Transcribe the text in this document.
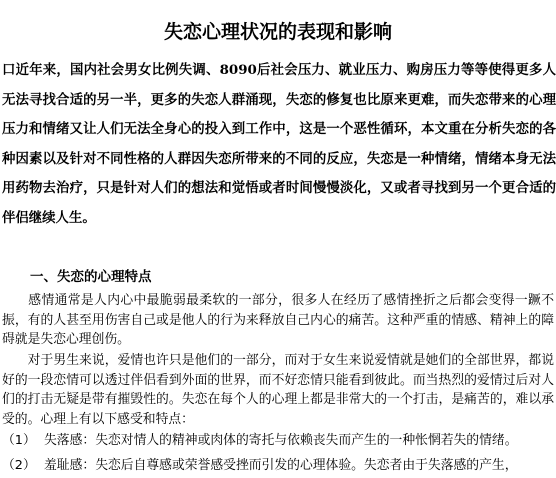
失恋心理状况的表现和影响

口近年来，国内社会男女比例失调、8090后社会压力、就业压力、购房压力等等使得更多人无法寻找合适的另一半，更多的失恋人群涌现，失恋的修复也比原来更难，而失恋带来的心理压力和情绪又让人们无法全身心的投入到工作中，这是一个恶性循环，本文重在分析失恋的各种因素以及针对不同性格的人群因失恋所带来的不同的反应，失恋是一种情绪，情绪本身无法用药物去治疗，只是针对人们的想法和觉悟或者时间慢慢淡化，又或者寻找到另一个更合适的伴侣继续人生。

一、失恋的心理特点

　　感情通常是人内心中最脆弱最柔软的一部分，很多人在经历了感情挫折之后都会变得一蹶不振，有的人甚至用伤害自己或是他人的行为来释放自己内心的痛苦。这种严重的情感、精神上的障碍就是失恋心理创伤。

　　对于男生来说，爱情也许只是他们的一部分，而对于女生来说爱情就是她们的全部世界，都说好的一段恋情可以透过伴侣看到外面的世界，而不好恋情只能看到彼此。而当热烈的爱情过后对人们的打击无疑是带有摧毁性的。失恋在每个人的心理上都是非常大的一个打击，是痛苦的，难以承受的。心理上有以下感受和特点：

（1） 失落感：失恋对情人的精神或肉体的寄托与依赖丧失而产生的一种怅惘若失的情绪。
（2） 羞耻感：失恋后自尊感或荣誉感受挫而引发的心理体验。失恋者由于失落感的产生，
